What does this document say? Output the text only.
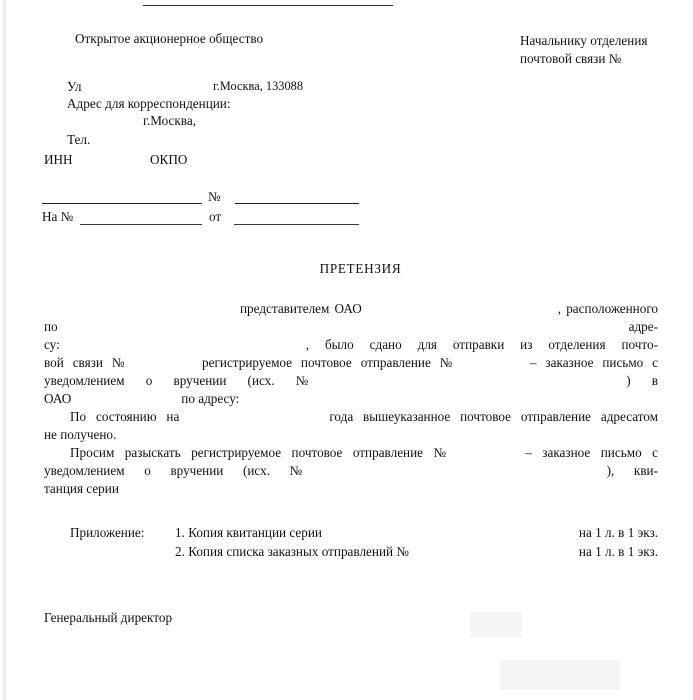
Открытое акционерное общество	Начальнику отделения
почтовой связи №
Ул	г.Москва, 133088
Адрес для корреспонденции:
г.Москва,
Тел.
ИНН	ОКПО
№
На №	от
ПРЕТЕНЗИЯ

представителем ОАО	, расположенного по адре-
су:	, было сдано для отправки из отделения почто-
вой связи №	регистрируемое почтовое отправление №	– заказное письмо с
уведомлением о вручении (исх. №	) в
ОАО	по адресу:

По состоянию на	года вышеуказанное почтовое отправление адресатом
не получено.

Просим разыскать регистрируемое почтовое отправление №	– заказное письмо с
уведомлением о вручении (исх. №	), кви-
танция серии

Приложение: 1. Копия квитанции серии	на 1 л. в 1 экз.
2. Копия списка заказных отправлений №	на 1 л. в 1 экз.
Генеральный директор
